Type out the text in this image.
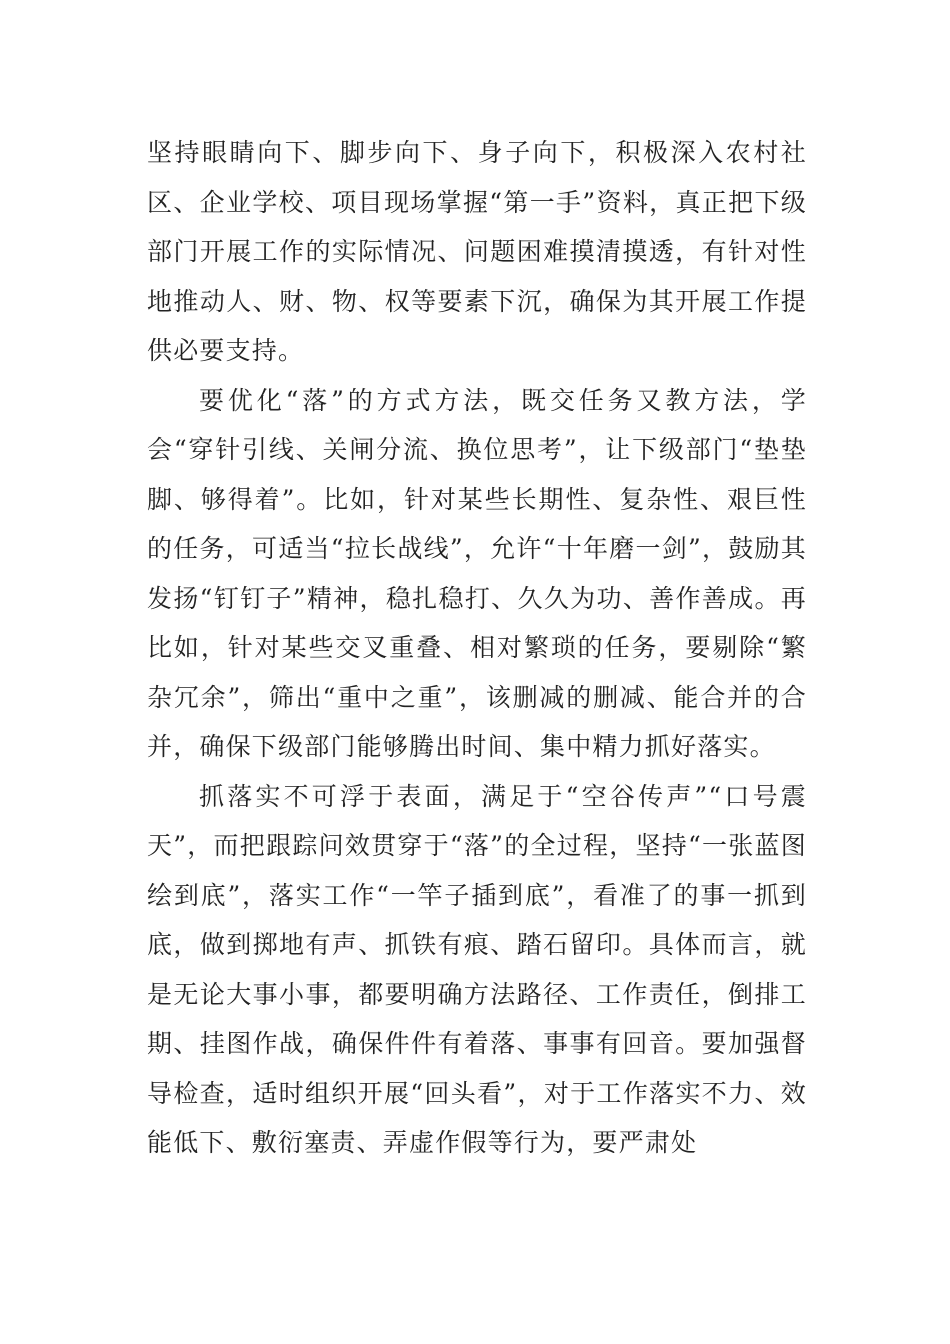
坚持眼睛向下、脚步向下、身子向下，积极深入农村社区、企业学校、项目现场掌握“第一手”资料，真正把下级部门开展工作的实际情况、问题困难摸清摸透，有针对性地推动人、财、物、权等要素下沉，确保为其开展工作提供必要支持。

要优化“落”的方式方法，既交任务又教方法，学会“穿针引线、关闸分流、换位思考”，让下级部门“垫垫脚、够得着”。比如，针对某些长期性、复杂性、艰巨性的任务，可适当“拉长战线”，允许“十年磨一剑”，鼓励其发扬“钉钉子”精神，稳扎稳打、久久为功、善作善成。再比如，针对某些交叉重叠、相对繁琐的任务，要剔除“繁杂冗余”，筛出“重中之重”，该删减的删减、能合并的合并，确保下级部门能够腾出时间、集中精力抓好落实。

抓落实不可浮于表面，满足于“空谷传声”“口号震天”，而把跟踪问效贯穿于“落”的全过程，坚持“一张蓝图绘到底”，落实工作“一竿子插到底”，看准了的事一抓到底，做到掷地有声、抓铁有痕、踏石留印。具体而言，就是无论大事小事，都要明确方法路径、工作责任，倒排工期、挂图作战，确保件件有着落、事事有回音。要加强督导检查，适时组织开展“回头看”，对于工作落实不力、效能低下、敷衍塞责、弄虚作假等行为，要严肃处
